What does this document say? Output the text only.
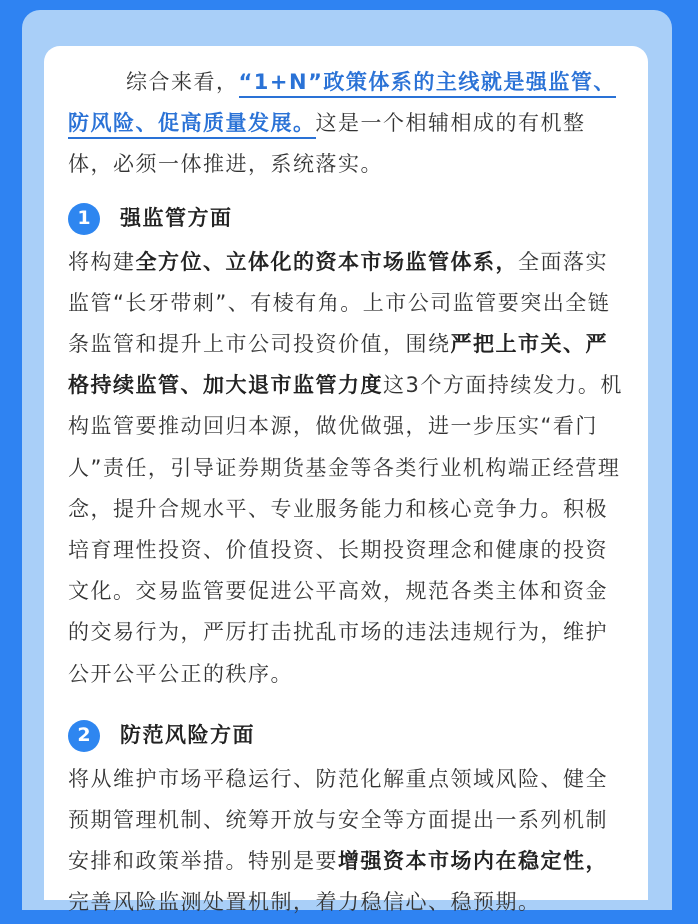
综合来看，“1+N”政策体系的主线就是强监管、防风险、促高质量发展。这是一个相辅相成的有机整体，必须一体推进，系统落实。

1	强监管方面

将构建全方位、立体化的资本市场监管体系，全面落实监管“长牙带刺”、有棱有角。上市公司监管要突出全链条监管和提升上市公司投资价值，围绕严把上市关、严格持续监管、加大退市监管力度这3个方面持续发力。机构监管要推动回归本源，做优做强，进一步压实“看门人”责任，引导证券期货基金等各类行业机构端正经营理念，提升合规水平、专业服务能力和核心竞争力。积极培育理性投资、价值投资、长期投资理念和健康的投资文化。交易监管要促进公平高效，规范各类主体和资金的交易行为，严厉打击扰乱市场的违法违规行为，维护公开公平公正的秩序。

2	防范风险方面

将从维护市场平稳运行、防范化解重点领域风险、健全预期管理机制、统筹开放与安全等方面提出一系列机制安排和政策举措。特别是要增强资本市场内在稳定性，完善风险监测处置机制，着力稳信心、稳预期。
